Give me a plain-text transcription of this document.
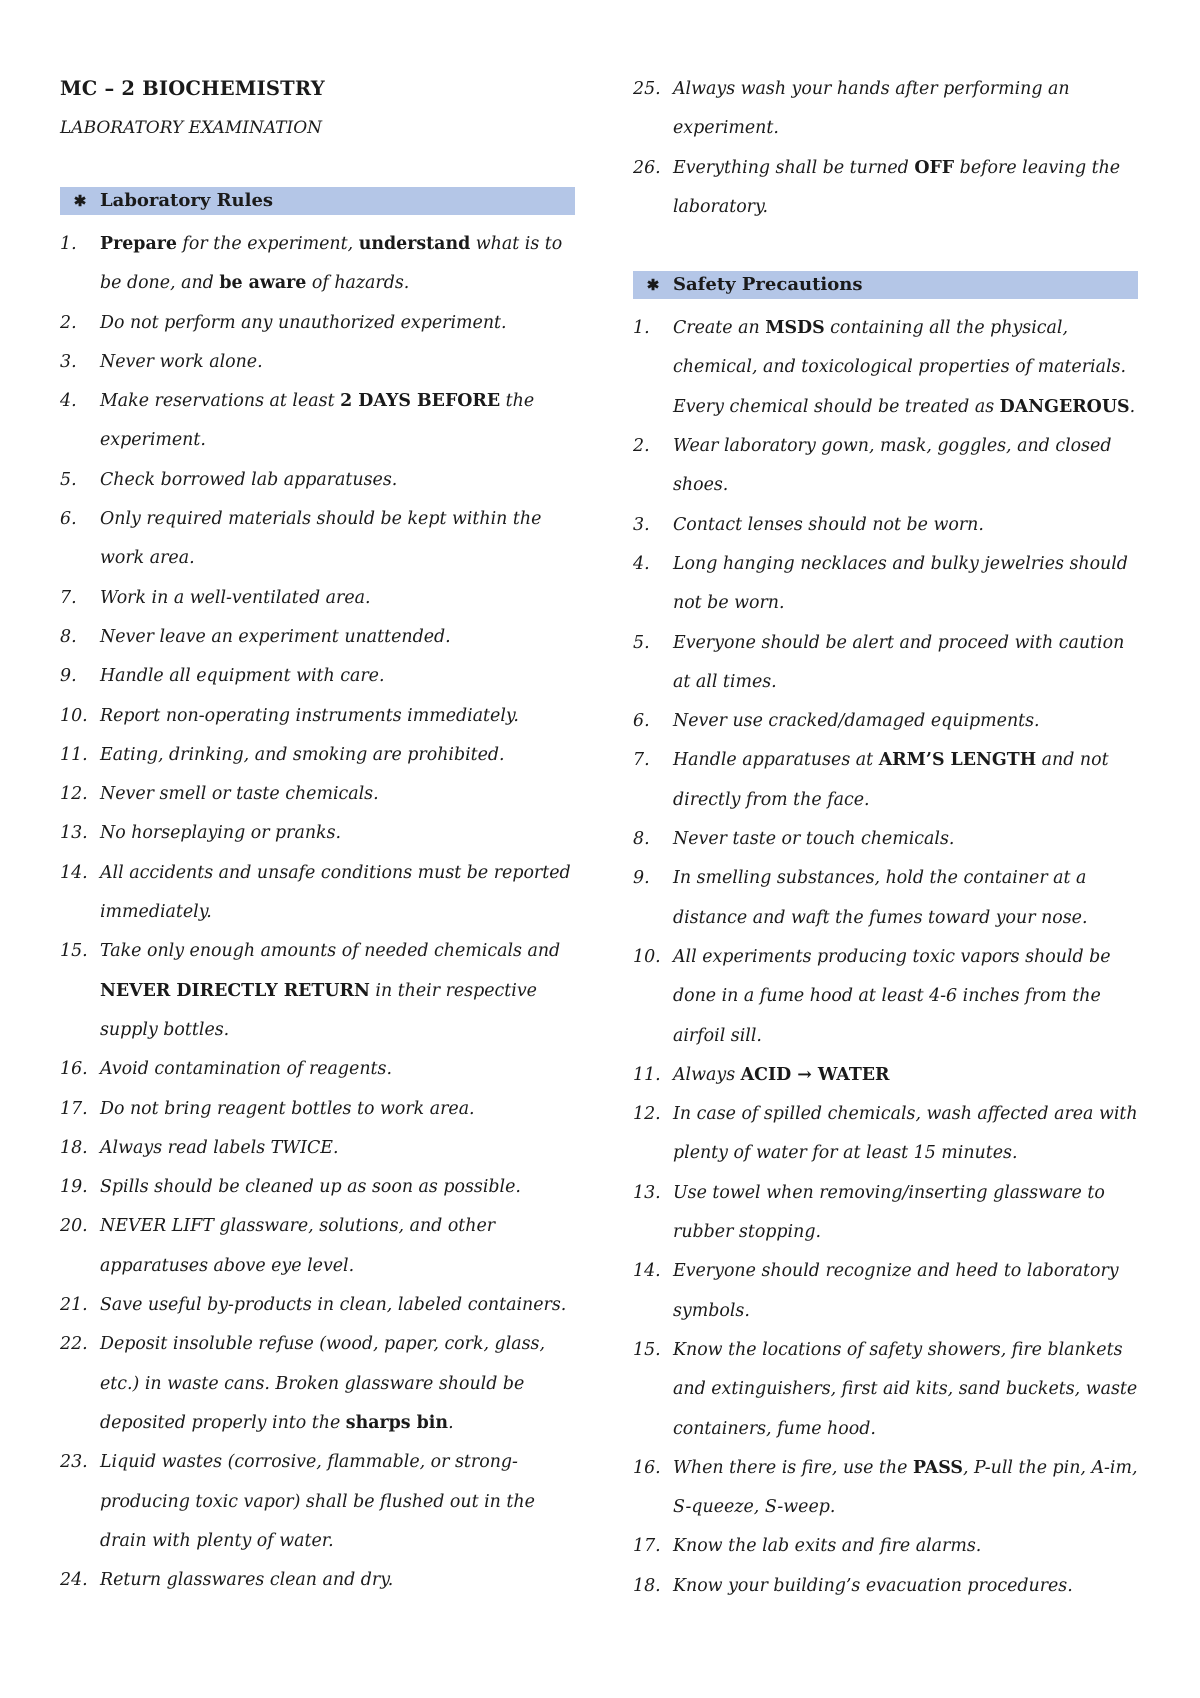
MC – 2 BIOCHEMISTRY
LABORATORY EXAMINATION
✱ Laboratory Rules
1.	Prepare for the experiment, understand what is to be done, and be aware of hazards.
2.	Do not perform any unauthorized experiment.
3.	Never work alone.
4.	Make reservations at least 2 DAYS BEFORE the experiment.
5.	Check borrowed lab apparatuses.
6.	Only required materials should be kept within the work area.
7.	Work in a well-ventilated area.
8.	Never leave an experiment unattended.
9.	Handle all equipment with care.
10. Report non-operating instruments immediately.
11. Eating, drinking, and smoking are prohibited.
12. Never smell or taste chemicals.
13. No horseplaying or pranks.
14. All accidents and unsafe conditions must be reported immediately.
15. Take only enough amounts of needed chemicals and NEVER DIRECTLY RETURN in their respective supply bottles.
16. Avoid contamination of reagents.
17. Do not bring reagent bottles to work area.
18. Always read labels TWICE.
19. Spills should be cleaned up as soon as possible.
20. NEVER LIFT glassware, solutions, and other apparatuses above eye level.
21. Save useful by-products in clean, labeled containers.
22. Deposit insoluble refuse (wood, paper, cork, glass, etc.) in waste cans. Broken glassware should be deposited properly into the sharps bin.
23. Liquid wastes (corrosive, flammable, or strong-producing toxic vapor) shall be flushed out in the drain with plenty of water.
24. Return glasswares clean and dry.
25. Always wash your hands after performing an experiment.
26. Everything shall be turned OFF before leaving the laboratory.
✱ Safety Precautions
1.	Create an MSDS containing all the physical, chemical, and toxicological properties of materials. Every chemical should be treated as DANGEROUS.
2.	Wear laboratory gown, mask, goggles, and closed shoes.
3.	Contact lenses should not be worn.
4.	Long hanging necklaces and bulky jewelries should not be worn.
5.	Everyone should be alert and proceed with caution at all times.
6.	Never use cracked/damaged equipments.
7.	Handle apparatuses at ARM’S LENGTH and not directly from the face.
8.	Never taste or touch chemicals.
9.	In smelling substances, hold the container at a distance and waft the fumes toward your nose.
10. All experiments producing toxic vapors should be done in a fume hood at least 4-6 inches from the airfoil sill.
11. Always ACID → WATER
12. In case of spilled chemicals, wash affected area with plenty of water for at least 15 minutes.
13. Use towel when removing/inserting glassware to rubber stopping.
14. Everyone should recognize and heed to laboratory symbols.
15. Know the locations of safety showers, fire blankets and extinguishers, first aid kits, sand buckets, waste containers, fume hood.
16. When there is fire, use the PASS, P-ull the pin, A-im, S-queeze, S-weep.
17. Know the lab exits and fire alarms.
18. Know your building’s evacuation procedures.
